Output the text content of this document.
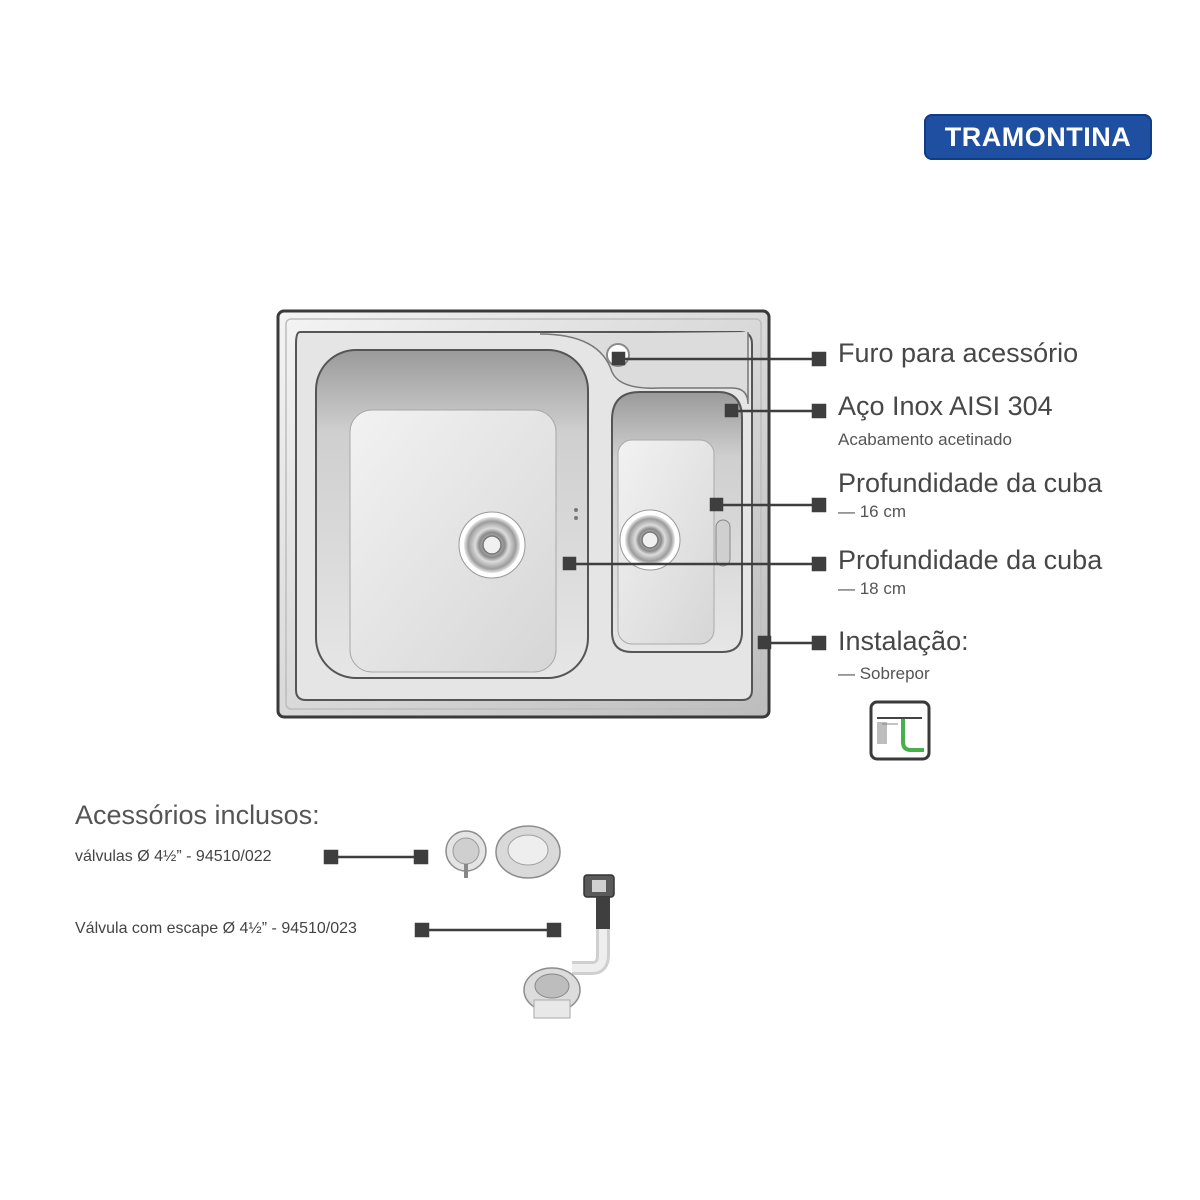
TRAMONTINA
Furo para acessório
Aço Inox AISI 304
Acabamento acetinado
Profundidade da cuba
— 16 cm
Profundidade da cuba
— 18 cm
Instalação:
— Sobrepor
Acessórios inclusos:
válvulas Ø 4½” - 94510/022
Válvula com escape Ø 4½” - 94510/023
